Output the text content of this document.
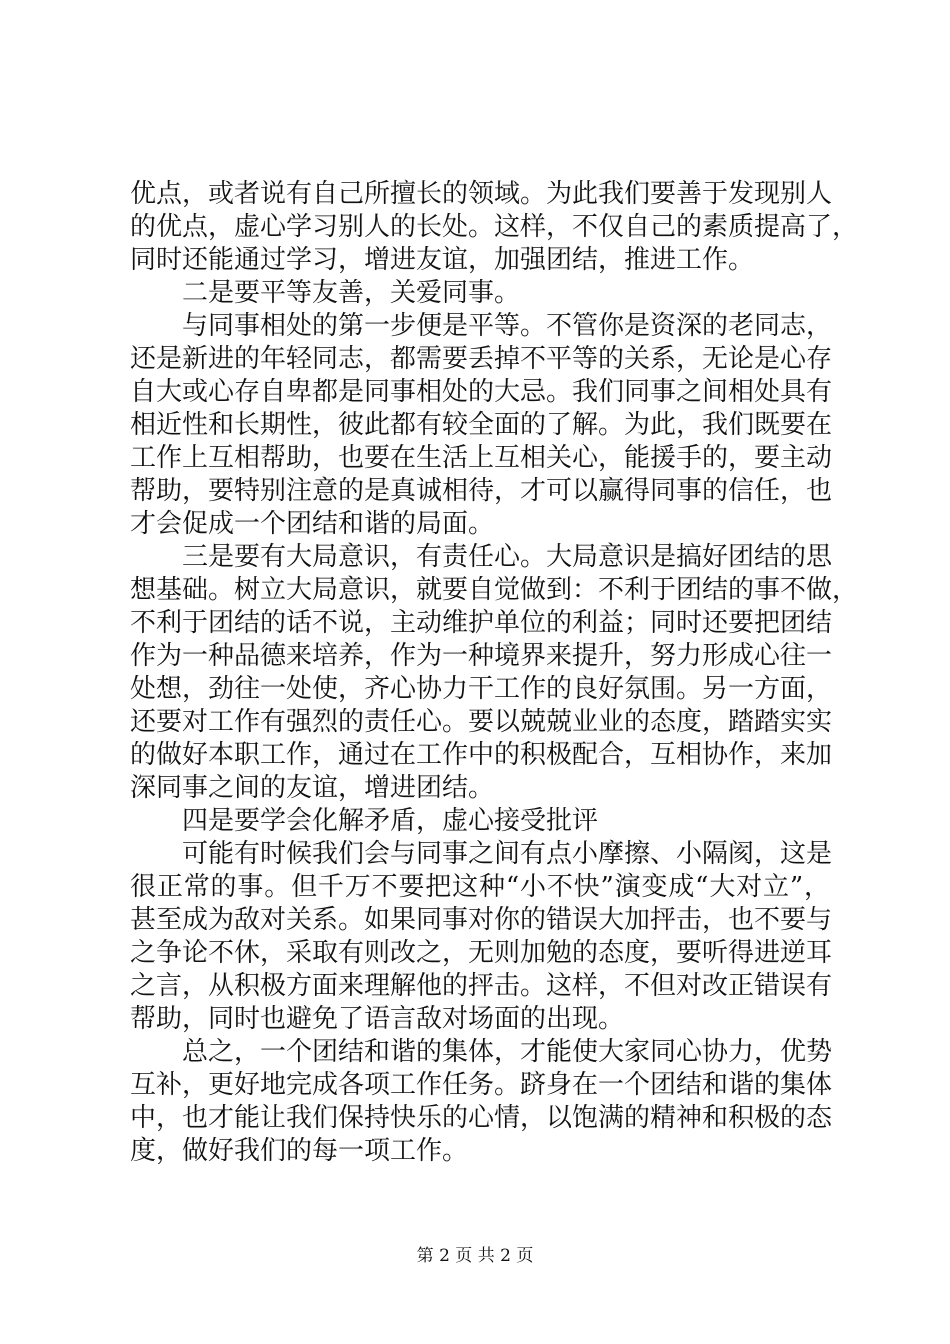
优点，或者说有自己所擅长的领域。为此我们要善于发现别人
的优点，虚心学习别人的长处。这样，不仅自己的素质提高了，
同时还能通过学习，增进友谊，加强团结，推进工作。
二是要平等友善，关爱同事。
与同事相处的第一步便是平等。不管你是资深的老同志，
还是新进的年轻同志，都需要丢掉不平等的关系，无论是心存
自大或心存自卑都是同事相处的大忌。我们同事之间相处具有
相近性和长期性，彼此都有较全面的了解。为此，我们既要在
工作上互相帮助，也要在生活上互相关心，能援手的，要主动
帮助，要特别注意的是真诚相待，才可以赢得同事的信任，也
才会促成一个团结和谐的局面。
三是要有大局意识，有责任心。大局意识是搞好团结的思
想基础。树立大局意识，就要自觉做到：不利于团结的事不做，
不利于团结的话不说，主动维护单位的利益；同时还要把团结
作为一种品德来培养，作为一种境界来提升，努力形成心往一
处想，劲往一处使，齐心协力干工作的良好氛围。另一方面，
还要对工作有强烈的责任心。要以兢兢业业的态度，踏踏实实
的做好本职工作，通过在工作中的积极配合，互相协作，来加
深同事之间的友谊，增进团结。
四是要学会化解矛盾，虚心接受批评
可能有时候我们会与同事之间有点小摩擦、小隔阂，这是
很正常的事。但千万不要把这种“小不快”演变成“大对立”，
甚至成为敌对关系。如果同事对你的错误大加抨击，也不要与
之争论不休，采取有则改之，无则加勉的态度，要听得进逆耳
之言，从积极方面来理解他的抨击。这样，不但对改正错误有
帮助，同时也避免了语言敌对场面的出现。
总之，一个团结和谐的集体，才能使大家同心协力，优势
互补，更好地完成各项工作任务。跻身在一个团结和谐的集体
中，也才能让我们保持快乐的心情，以饱满的精神和积极的态
度，做好我们的每一项工作。
第 2 页 共 2 页
